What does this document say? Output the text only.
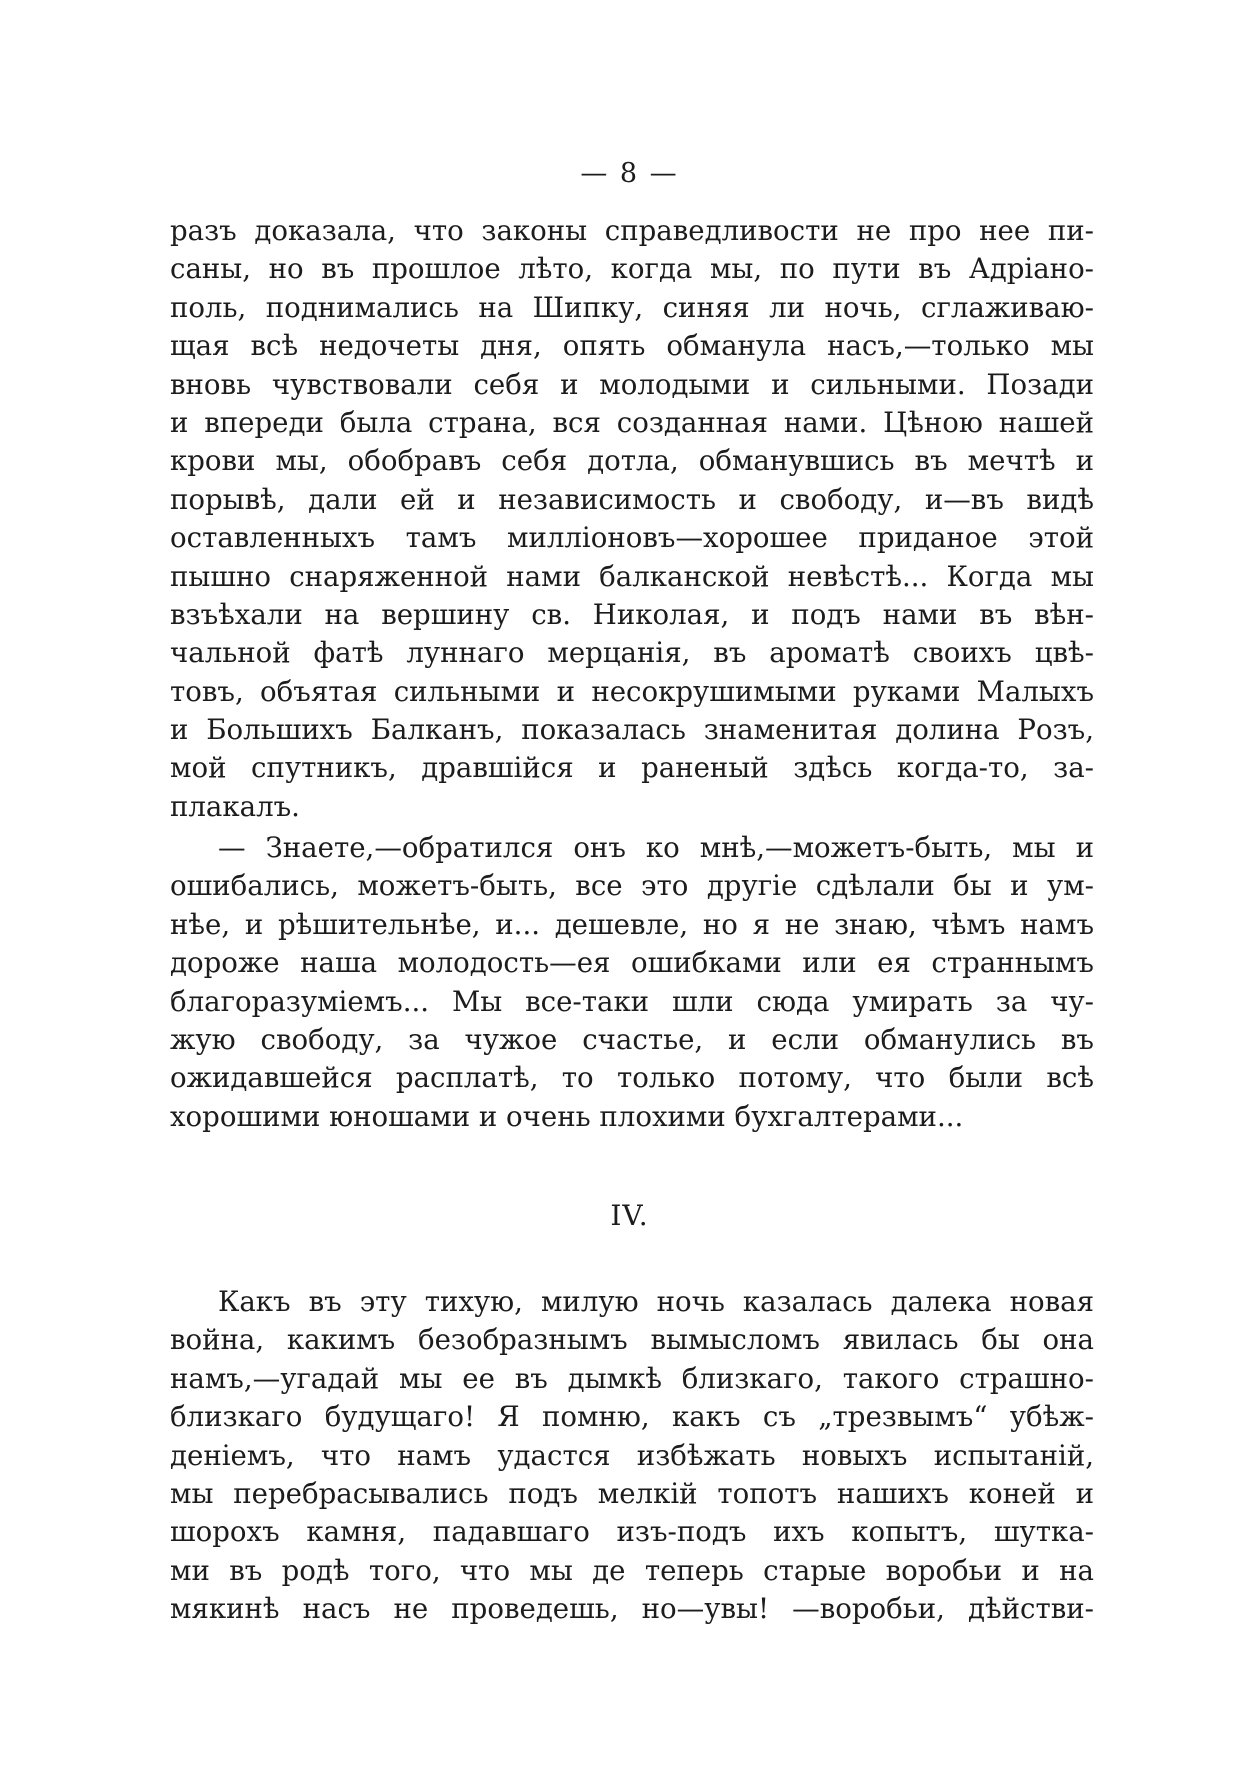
— 8 —
разъ доказала, что законы справедливости не про нее пи-
саны, но въ прошлое лѣто, когда мы, по пути въ Адріано-
поль, поднимались на Шипку, синяя ли ночь, сглаживаю-
щая всѣ недочеты дня, опять обманула насъ,—только мы
вновь чувствовали себя и молодыми и сильными. Позади
и впереди была страна, вся созданная нами. Цѣною нашей
крови мы, обобравъ себя дотла, обманувшись въ мечтѣ и
порывѣ, дали ей и независимость и свободу, и—въ видѣ
оставленныхъ тамъ милліоновъ—хорошее приданое этой
пышно снаряженной нами балканской невѣстѣ... Когда мы
взъѣхали на вершину св. Николая, и подъ нами въ вѣн-
чальной фатѣ луннаго мерцанія, въ ароматѣ своихъ цвѣ-
товъ, объятая сильными и несокрушимыми руками Малыхъ
и Большихъ Балканъ, показалась знаменитая долина Розъ,
мой спутникъ, дравшійся и раненый здѣсь когда-то, за-
плакалъ.
— Знаете,—обратился онъ ко мнѣ,—можетъ-быть, мы и
ошибались, можетъ-быть, все это другіе сдѣлали бы и ум-
нѣе, и рѣшительнѣе, и... дешевле, но я не знаю, чѣмъ намъ
дороже наша молодость—ея ошибками или ея страннымъ
благоразуміемъ... Мы все-таки шли сюда умирать за чу-
жую свободу, за чужое счастье, и если обманулись въ
ожидавшейся расплатѣ, то только потому, что были всѣ
хорошими юношами и очень плохими бухгалтерами...
IV.
Какъ въ эту тихую, милую ночь казалась далека новая
война, какимъ безобразнымъ вымысломъ явилась бы она
намъ,—угадай мы ее въ дымкѣ близкаго, такого страшно-
близкаго будущаго! Я помню, какъ съ „трезвымъ“ убѣж-
деніемъ, что намъ удастся избѣжать новыхъ испытаній,
мы перебрасывались подъ мелкій топотъ нашихъ коней и
шорохъ камня, падавшаго изъ-подъ ихъ копытъ, шутка-
ми въ родѣ того, что мы де теперь старые воробьи и на
мякинѣ насъ не проведешь, но—увы! —воробьи, дѣйстви-
